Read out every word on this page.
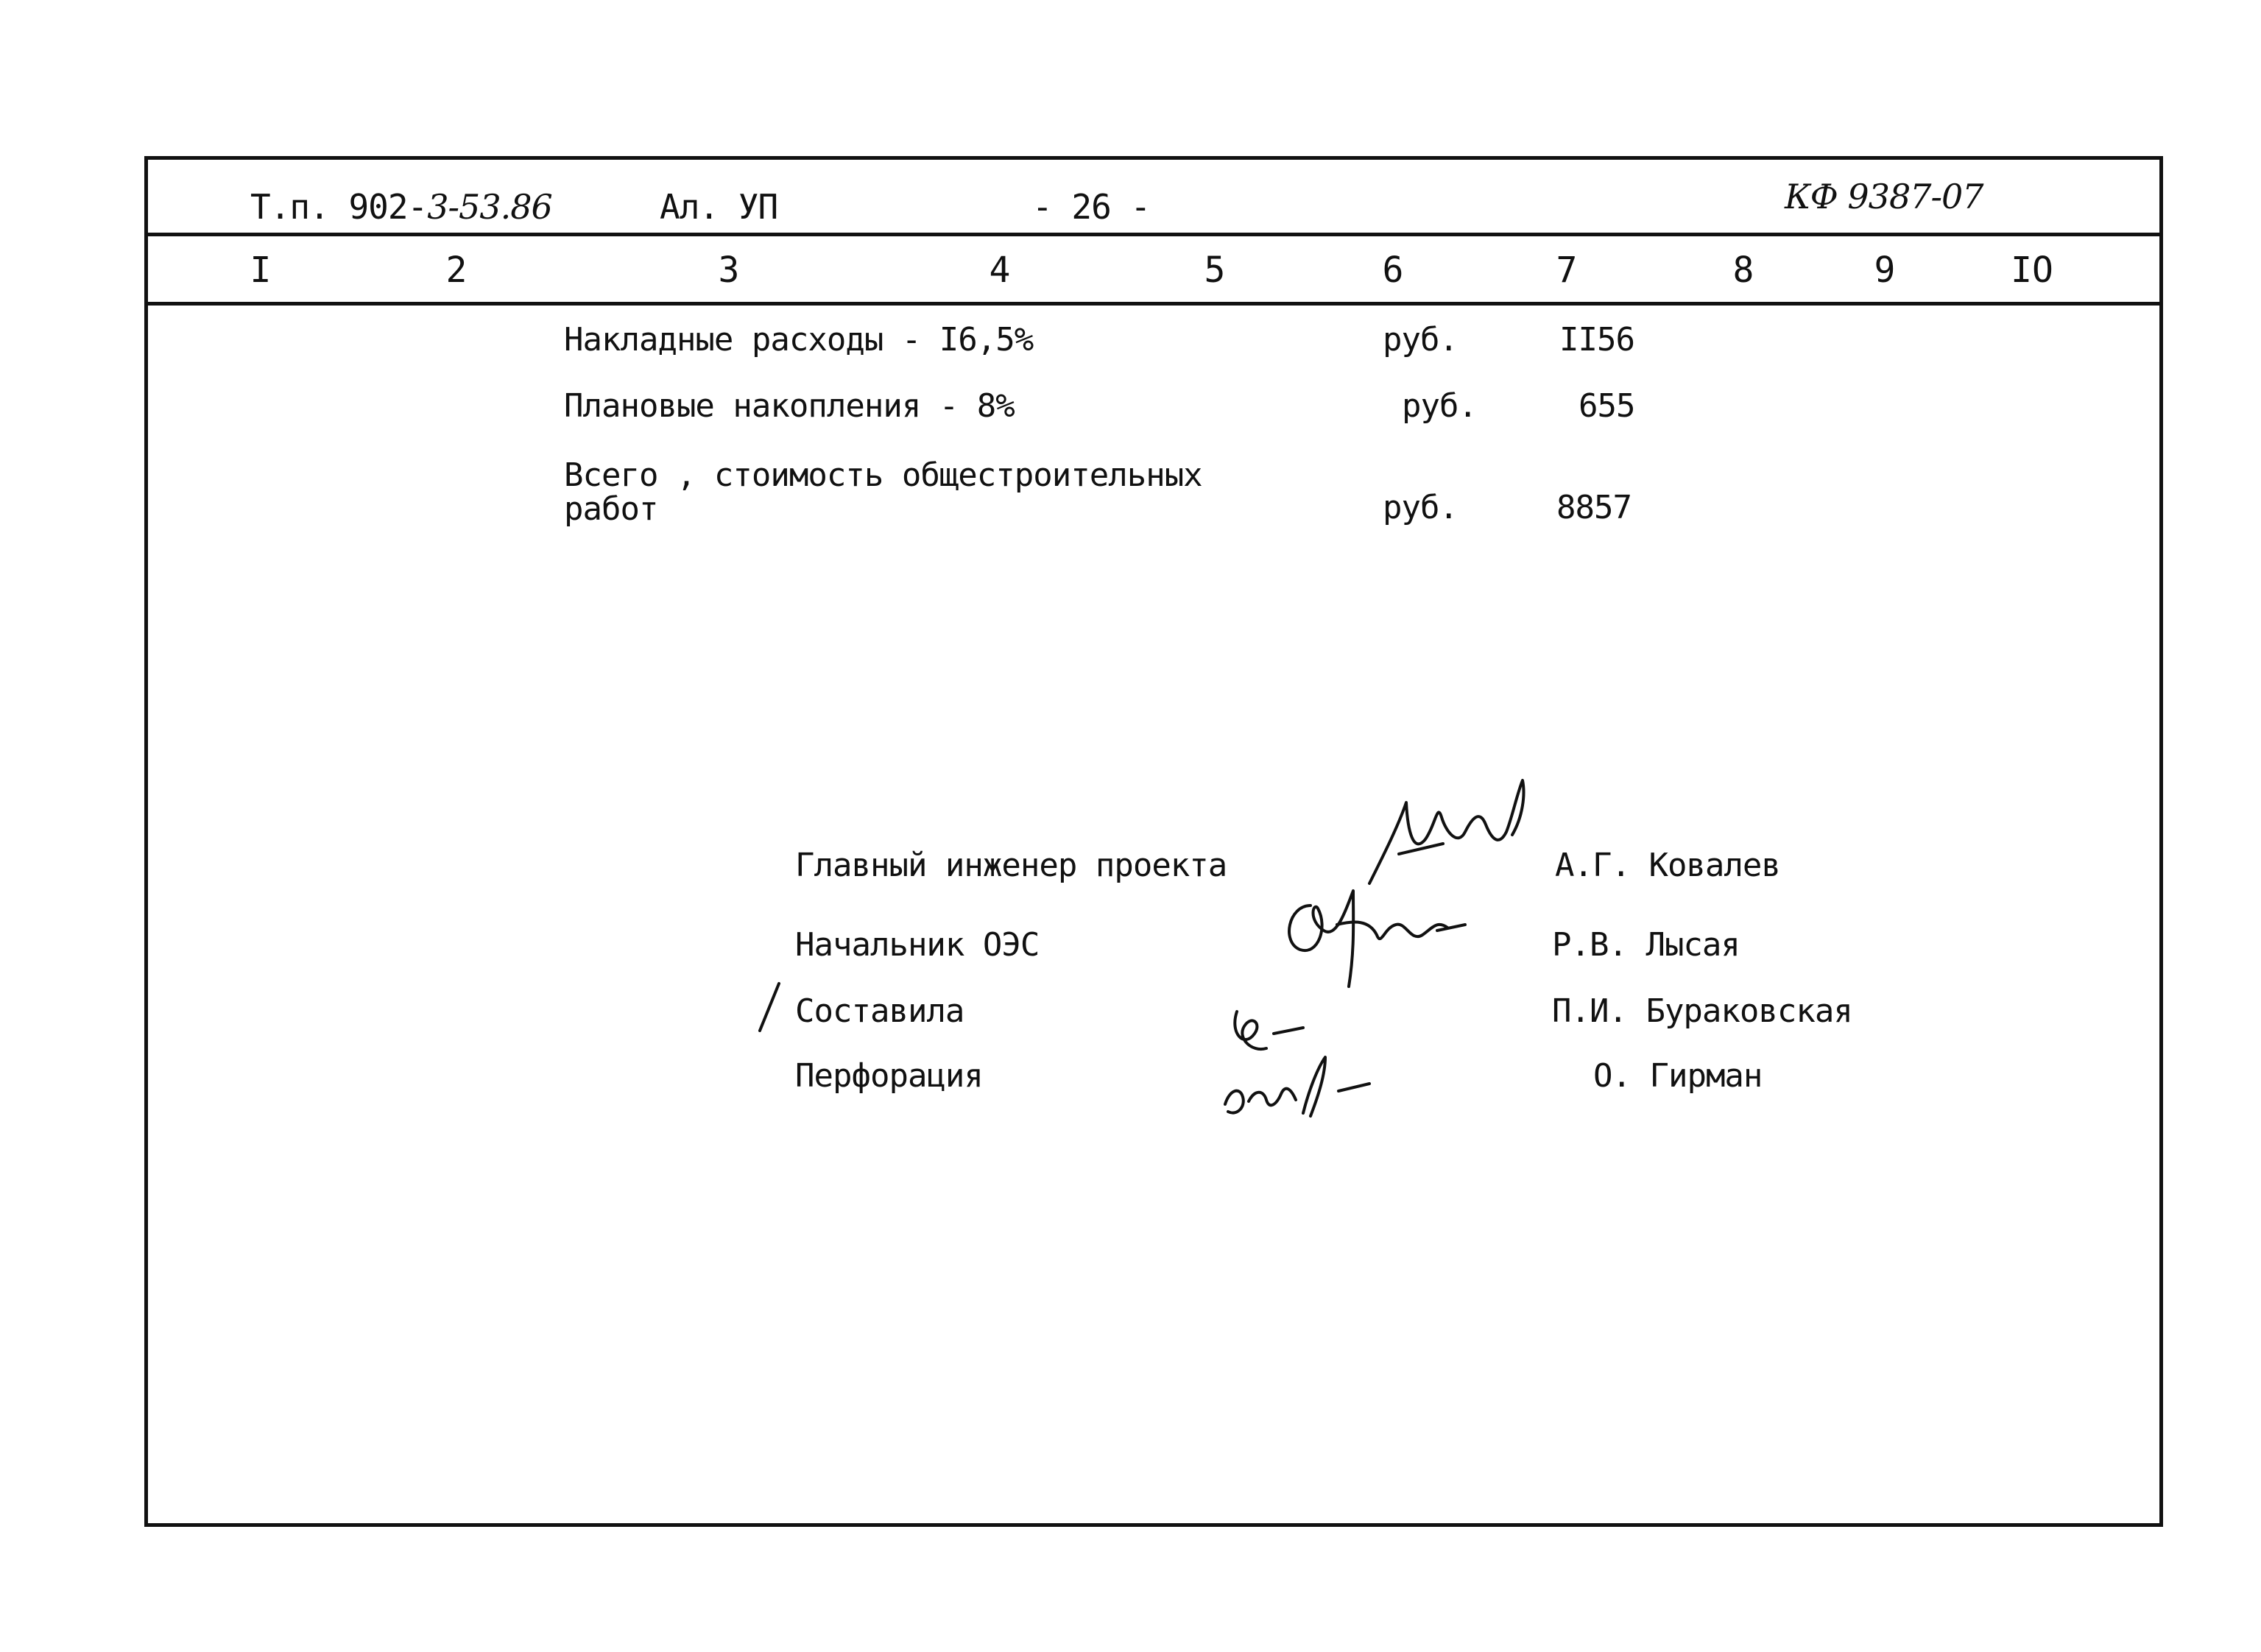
Т.п. 902-3-53.86	Ал. УП	- 26 -	КФ 9387-07
I	2	3	4	5	6	7	8	9	IO
Накладные расходы - I6,5%	руб.	II56
Плановые накопления - 8%	руб.	655
Всего , стоимость общестроительных
работ	руб.	8857
Главный инженер проекта	А.Г. Ковалев
Начальник ОЭС	Р.В. Лысая
Составила	П.И. Бураковская
Перфорация	О. Гирман
